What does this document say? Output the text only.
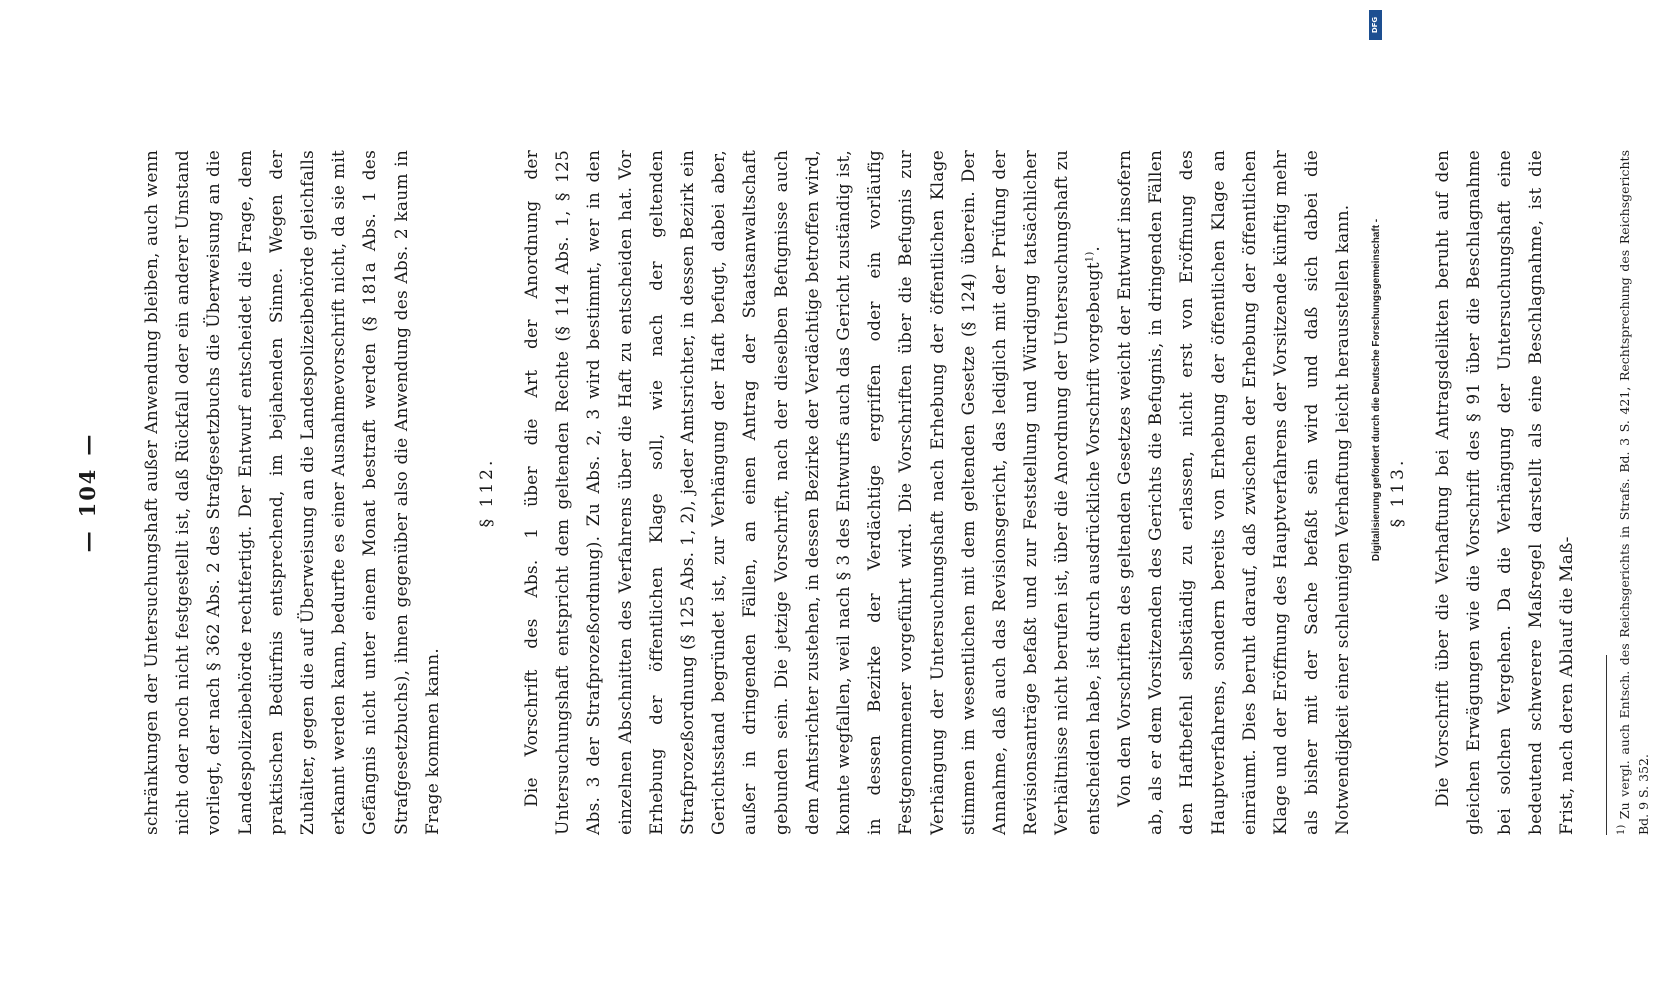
—
104
— schränkungen der Untersuchungshaft außer Anwendung bleiben, auch wenn nicht oder noch nicht festgestellt ist, daß Rückfall oder ein anderer Umstand vorliegt, der nach § 362 Abs. 2 des Strafgesetzbuchs die Überweisung an die Landespolizeibehörde rechtfertigt. Der Entwurf entscheidet die Frage, dem praktischen Bedürfnis entsprechend, im bejahenden Sinne. Wegen der Zuhälter, gegen die auf Überweisung an die Landespolizeibehörde gleichfalls erkannt werden kann, bedurfte es einer Ausnahmevorschrift nicht, da sie mit Gefängnis nicht unter einem Monat bestraft werden (§ 181a Abs. 1 des Strafgesetzbuchs), ihnen gegenüber also die Anwendung des Abs. 2 kaum in Frage kommen kann.

§ 112. Die Vorschrift des Abs. 1 über die Art der Anordnung der Untersuchungshaft entspricht dem geltenden Rechte (§ 114 Abs. 1, § 125 Abs. 3 der Strafprozeßordnung). Zu Abs. 2, 3 wird bestimmt, wer in den einzelnen Abschnitten des Verfahrens über die Haft zu entscheiden hat. Vor Erhebung der öffentlichen Klage soll, wie nach der geltenden Strafprozeßordnung (§ 125 Abs. 1, 2), jeder Amtsrichter, in dessen Bezirk ein Gerichtsstand begründet ist, zur Verhängung der Haft befugt, dabei aber, außer in dringenden Fällen, an einen Antrag der Staatsanwaltschaft gebunden sein. Die jetzige Vorschrift, nach der dieselben Befugnisse auch dem Amtsrichter zustehen, in dessen Bezirke der Verdächtige betroffen wird, konnte wegfallen, weil nach § 3 des Entwurfs auch das Gericht zuständig ist, in dessen Bezirke der Verdächtige ergriffen oder ein vorläufig Festgenommener vorgeführt wird. Die Vorschriften über die Befugnis zur Verhängung der Untersuchungshaft nach Erhebung der öffentlichen Klage stimmen im wesentlichen mit dem geltenden Gesetze (§ 124) überein. Der Annahme, daß auch das Revisionsgericht, das lediglich mit der Prüfung der Revisionsanträge befaßt und zur Feststellung und Würdigung tatsächlicher Verhältnisse nicht berufen ist, über die Anordnung der Untersuchungshaft zu entscheiden habe, ist durch ausdrückliche Vorschrift vorgebeugt$^{1)}$. Von den Vorschriften des geltenden Gesetzes weicht der Entwurf insofern ab, als er dem Vorsitzenden des Gerichts die Befugnis, in dringenden Fällen den Haftbefehl selbständig zu erlassen, nicht erst von Eröffnung des Hauptverfahrens, sondern bereits von Erhebung der öffentlichen Klage an einräumt. Dies beruht darauf, daß zwischen der Erhebung der öffentlichen Klage und der Eröffnung des Hauptverfahrens der Vorsitzende künftig mehr als bisher mit der Sache befaßt sein wird und daß sich dabei die Notwendigkeit einer schleunigen Verhaftung leicht herausstellen kann.	§ 113. Die Vorschrift über die Verhaftung bei Antragsdelikten beruht auf den gleichen Erwägungen wie die Vorschrift des § 91 über die Beschlagnahme bei solchen Vergehen. Da die Verhängung der Untersuchungshaft eine bedeutend schwerere Maßregel darstellt als eine Beschlagnahme, ist die Frist, nach deren Ablauf die Maß-	$^{1)}$ Zu vergl. auch Entsch. des Reichsgerichts in Strafs. Bd. 3 S. 421, Rechtsprechung des Reichsgerichts Bd. 9 S. 352.
DFG
Digitalisierung gefördert durch die Deutsche Forschungsgemeinschaft -
